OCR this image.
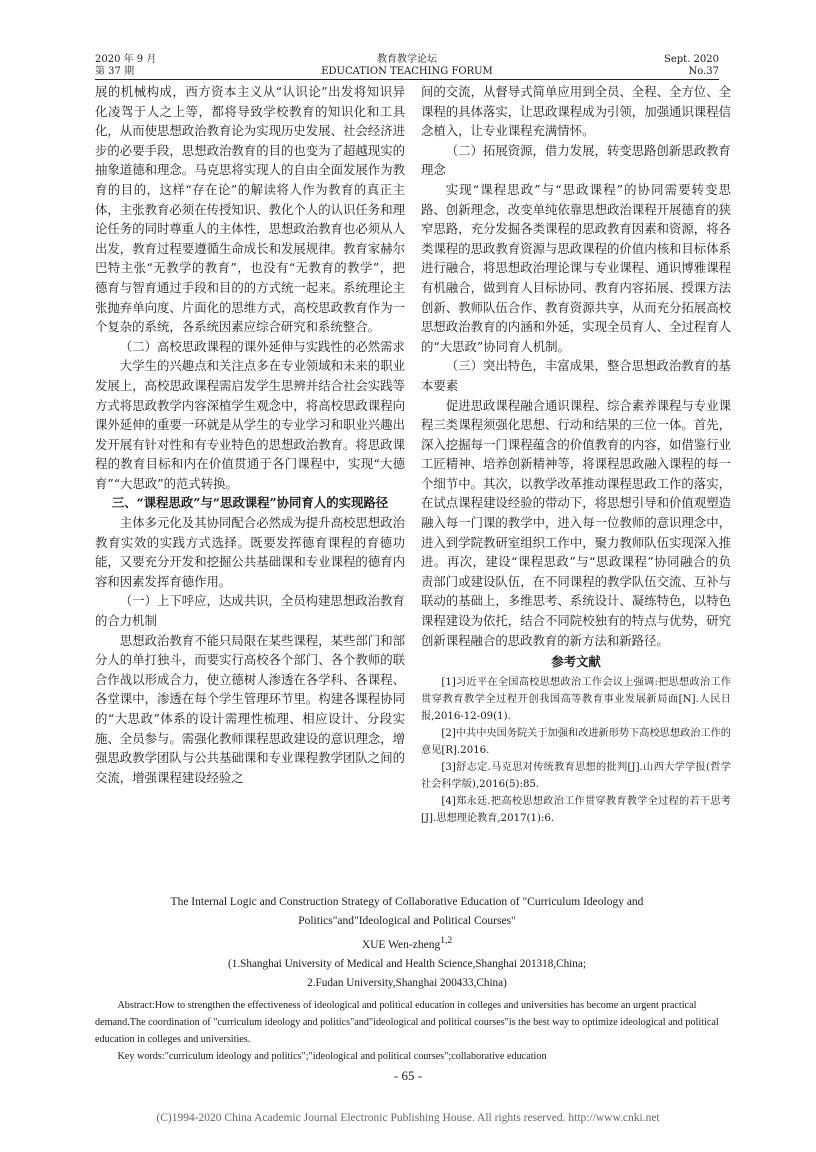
2020 年 9 月
第 37 期
教育教学论坛
EDUCATION TEACHING FORUM
Sept. 2020
No.37

展的机械构成，西方资本主义从“认识论”出发将知识异化凌驾于人之上等，都将导致学校教育的知识化和工具化，从而使思想政治教育论为实现历史发展、社会经济进步的必要手段，思想政治教育的目的也变为了超越现实的抽象道德和理念。马克思将实现人的自由全面发展作为教育的目的，这样“存在论”的解读将人作为教育的真正主体，主张教育必须在传授知识、教化个人的认识任务和理论任务的同时尊重人的主体性，思想政治教育也必须从人出发，教育过程要遵循生命成长和发展规律。教育家赫尔巴特主张“无教学的教育”，也没有“无教育的教学”，把德育与智育通过手段和目的的方式统一起来。系统理论主张抛弃单向度、片面化的思维方式，高校思政教育作为一个复杂的系统，各系统因素应综合研究和系统整合。

（二）高校思政课程的课外延伸与实践性的必然需求

大学生的兴趣点和关注点多在专业领域和未来的职业发展上，高校思政课程需启发学生思辨并结合社会实践等方式将思政教学内容深植学生观念中，将高校思政课程向课外延伸的重要一环就是从学生的专业学习和职业兴趣出发开展有针对性和有专业特色的思想政治教育。将思政课程的教育目标和内在价值贯通于各门课程中，实现“大德育”“大思政”的范式转换。

三、“课程思政”与“思政课程”协同育人的实现路径

主体多元化及其协同配合必然成为提升高校思想政治教育实效的实践方式选择。既要发挥德育课程的育德功能，又要充分开发和挖掘公共基础课和专业课程的德育内容和因素发挥育德作用。

（一）上下呼应，达成共识，全员构建思想政治教育的合力机制

思想政治教育不能只局限在某些课程，某些部门和部分人的单打独斗，而要实行高校各个部门、各个教师的联合作战以形成合力，使立德树人渗透在各学科、各课程、各堂课中，渗透在每个学生管理环节里。构建各课程协同的“大思政”体系的设计需理性梳理、相应设计、分段实施、全员参与。需强化教师课程思政建设的意识理念，增强思政教学团队与公共基础课和专业课程教学团队之间的交流，增强课程建设经验之

间的交流，从督导式简单应用到全员、全程、全方位、全课程的具体落实，让思政课程成为引领，加强通识课程信念植入，让专业课程充满情怀。

（二）拓展资源，借力发展，转变思路创新思政教育理念

实现“课程思政”与“思政课程”的协同需要转变思路、创新理念，改变单纯依靠思想政治课程开展德育的狭窄思路，充分发掘各类课程的思政教育因素和资源，将各类课程的思政教育资源与思政课程的价值内核和目标体系进行融合，将思想政治理论课与专业课程、通识博雅课程有机融合，做到育人目标协同、教育内容拓展、授课方法创新、教师队伍合作、教育资源共享，从而充分拓展高校思想政治教育的内涵和外延，实现全员育人、全过程育人的“大思政”协同育人机制。

（三）突出特色，丰富成果，整合思想政治教育的基本要素

促进思政课程融合通识课程、综合素养课程与专业课程三类课程须强化思想、行动和结果的三位一体。首先，深入挖掘每一门课程蕴含的价值教育的内容，如借鉴行业工匠精神、培养创新精神等，将课程思政融入课程的每一个细节中。其次，以教学改革推动课程思政工作的落实，在试点课程建设经验的带动下，将思想引导和价值观塑造融入每一门课的教学中，进入每一位教师的意识理念中，进入到学院教研室组织工作中，聚力教师队伍实现深入推进。再次，建设“课程思政”与“思政课程”协同融合的负责部门或建设队伍，在不同课程的教学队伍交流、互补与联动的基础上，多维思考、系统设计、凝练特色，以特色课程建设为依托，结合不同院校独有的特点与优势，研究创新课程融合的思政教育的新方法和新路径。

参考文献

[1]习近平在全国高校思想政治工作会议上强调:把思想政治工作贯穿教育教学全过程开创我国高等教育事业发展新局面[N].人民日报,2016-12-09(1).

[2]中共中央国务院关于加强和改进新形势下高校思想政治工作的意见[R].2016.

[3]舒志定.马克思对传统教育思想的批判[J].山西大学学报(哲学社会科学版),2016(5):85.

[4]郑永廷.把高校思想政治工作贯穿教育教学全过程的若干思考[J].思想理论教育,2017(1):6.

The Internal Logic and Construction Strategy of Collaborative Education of "Curriculum Ideology and
Politics"and"Ideological and Political Courses"
XUE Wen-zheng$^{1,2}$
(1.Shanghai University of Medical and Health Science,Shanghai 201318,China;
2.Fudan University,Shanghai 200433,China)
Abstract:How to strengthen the effectiveness of ideological and political education in colleges and universities has become an urgent practical demand.The coordination of "curriculum ideology and politics"and"ideological and political courses"is the best way to optimize ideological and political education in colleges and universities.
Key words:"curriculum ideology and politics";"ideological and political courses";collaborative education
- 65 -
(C)1994-2020 China Academic Journal Electronic Publishing House. All rights reserved. http://www.cnki.net
